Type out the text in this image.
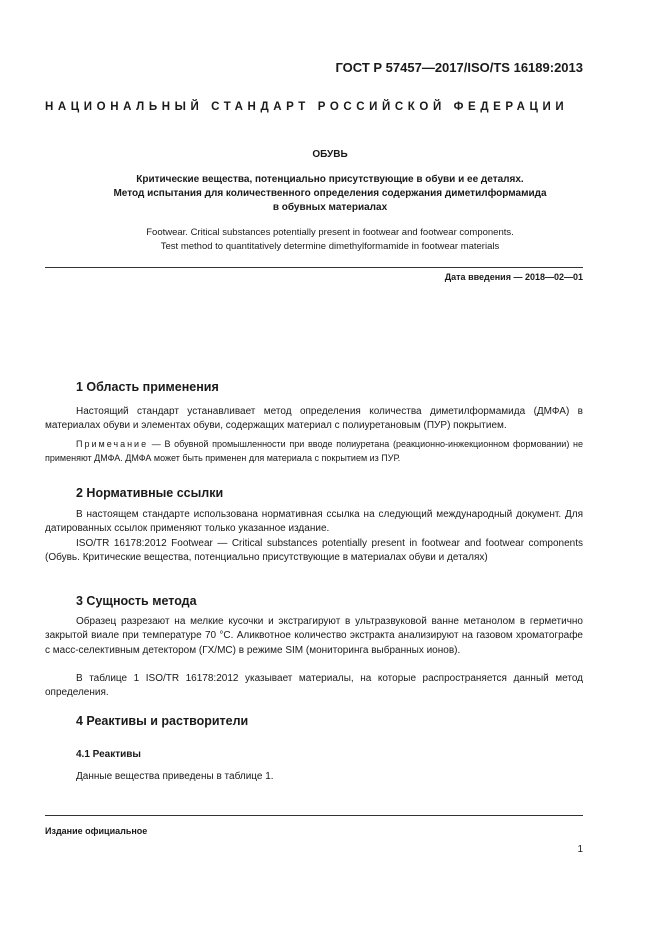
ГОСТ Р 57457—2017/ISO/TS 16189:2013
НАЦИОНАЛЬНЫЙ СТАНДАРТ РОССИЙСКОЙ ФЕДЕРАЦИИ
ОБУВЬ
Критические вещества, потенциально присутствующие в обуви и ее деталях.
Метод испытания для количественного определения содержания диметилформамида
в обувных материалах
Footwear. Critical substances potentially present in footwear and footwear components.
Test method to quantitatively determine dimethylformamide in footwear materials
Дата введения — 2018—02—01
1 Область применения
Настоящий стандарт устанавливает метод определения количества диметилформамида (ДМФА) в материалах обуви и элементах обуви, содержащих материал с полиуретановым (ПУР) покрытием.
Примечание — В обувной промышленности при вводе полиуретана (реакционно-инжекционном формовании) не применяют ДМФА. ДМФА может быть применен для материала с покрытием из ПУР.
2 Нормативные ссылки
В настоящем стандарте использована нормативная ссылка на следующий международный документ. Для датированных ссылок применяют только указанное издание.
ISO/TR 16178:2012 Footwear — Critical substances potentially present in footwear and footwear components (Обувь. Критические вещества, потенциально присутствующие в материалах обуви и деталях)
3 Сущность метода
Образец разрезают на мелкие кусочки и экстрагируют в ультразвуковой ванне метанолом в герметично закрытой виале при температуре 70 °С. Аликвотное количество экстракта анализируют на газовом хроматографе с масс-селективным детектором (ГХ/МС) в режиме SIM (мониторинга выбранных ионов).
В таблице 1 ISO/TR 16178:2012 указывает материалы, на которые распространяется данный метод определения.
4 Реактивы и растворители
4.1 Реактивы
Данные вещества приведены в таблице 1.
Издание официальное
1
